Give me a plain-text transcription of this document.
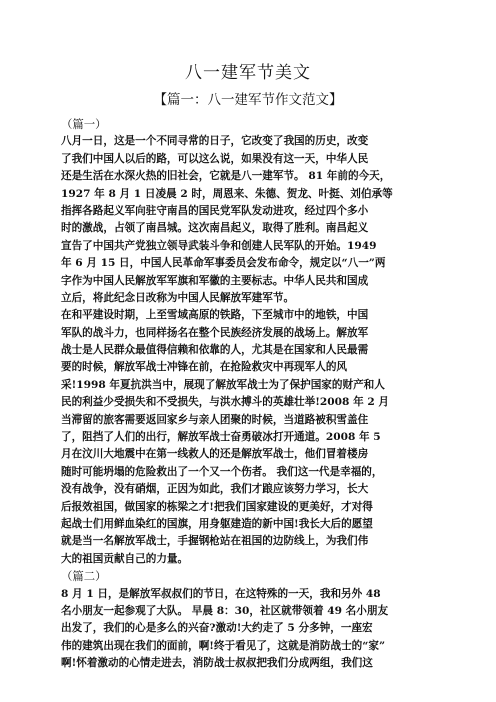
八一建军节美文
【篇一：八一建军节作文范文】
（篇一）
八月一日，这是一个不同寻常的日子，它改变了我国的历史，改变
了我们中国人以后的路，可以这么说，如果没有这一天，中华人民
还是生活在水深火热的旧社会，它就是八一建军节。 81 年前的今天，
1927 年 8 月 1 日凌晨 2 时，周恩来、朱德、贺龙、叶挺、刘伯承等
指挥各路起义军向驻守南昌的国民党军队发动进攻，经过四个多小
时的激战，占领了南昌城。这次南昌起义，取得了胜利。南昌起义
宣告了中国共产党独立领导武装斗争和创建人民军队的开始。1949
年 6 月 15 日，中国人民革命军事委员会发布命令，规定以“八一”两
字作为中国人民解放军军旗和军徽的主要标志。中华人民共和国成
立后，将此纪念日改称为中国人民解放军建军节。
在和平建设时期，上至雪域高原的铁路，下至城市中的地铁，中国
军队的战斗力，也同样扬名在整个民族经济发展的战场上。解放军
战士是人民群众最值得信赖和依靠的人，尤其是在国家和人民最需
要的时候，解放军战士冲锋在前，在抢险救灾中再现军人的风
采!1998 年夏抗洪当中，展现了解放军战士为了保护国家的财产和人
民的利益少受损失和不受损失，与洪水搏斗的英雄壮举!2008 年 2 月
当滞留的旅客需要返回家乡与亲人团聚的时候，当道路被积雪盖住
了，阻挡了人们的出行，解放军战士奋勇破冰打开通道。2008 年 5
月在汶川大地震中在第一线救人的还是解放军战士，他们冒着楼房
随时可能坍塌的危险救出了一个又一个伤者。 我们这一代是幸福的，
没有战争，没有硝烟，正因为如此，我们才踉应该努力学习，长大
后报效祖国，做国家的栋梁之才!把我们国家建设的更美好，才对得
起战士们用鲜血染红的国旗，用身躯建造的新中国!我长大后的愿望
就是当一名解放军战士，手握钢枪站在祖国的边防线上，为我们伟
大的祖国贡献自己的力量。
（篇二）
8 月 1 日，是解放军叔叔们的节日，在这特殊的一天，我和另外 48
名小朋友一起参观了大队。 早晨 8：30，社区就带领着 49 名小朋友
出发了，我们的心是多么的兴奋?激动!大约走了 5 分多钟，一座宏
伟的建筑出现在我们的面前，啊!终于看见了，这就是消防战士的“家”
啊!怀着激动的心情走进去，消防战士叔叔把我们分成两组，我们这
